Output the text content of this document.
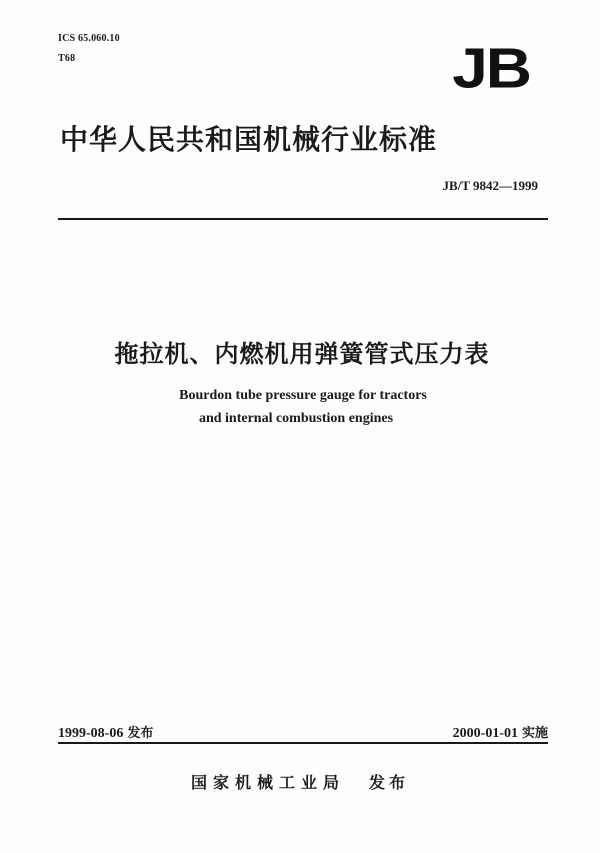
ICS 65.060.10
T68	JB
中华人民共和国机械行业标准
JB/T 9842—1999
拖拉机、内燃机用弹簧管式压力表
Bourdon tube pressure gauge for tractors
and internal combustion engines
1999-08-06 发布	2000-01-01 实施
国家机械工业局 发布
